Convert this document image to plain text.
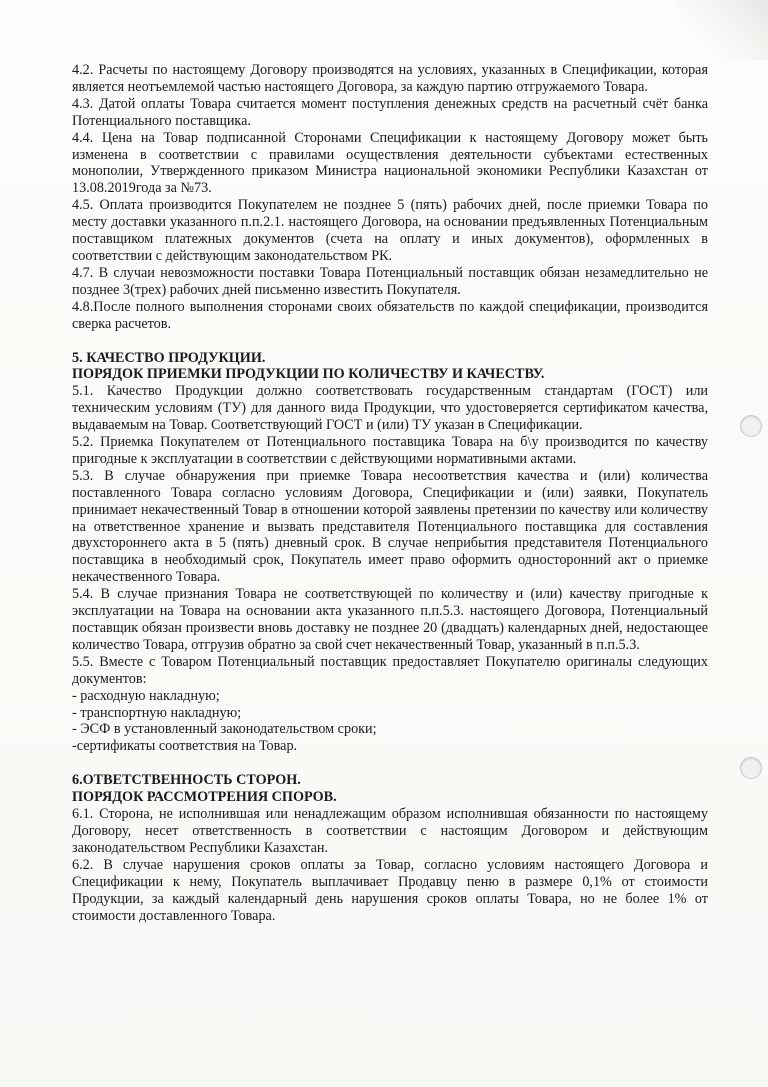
4.2. Расчеты по настоящему Договору производятся на условиях, указанных в Спецификации, которая является неотъемлемой частью настоящего Договора, за каждую партию отгружаемого Товара.

4.3. Датой оплаты Товара считается момент поступления денежных средств на расчетный счёт банка Потенциального поставщика.

4.4. Цена на Товар подписанной Сторонами Спецификации к настоящему Договору может быть изменена в соответствии с правилами осуществления деятельности субъектами естественных монополии, Утвержденного приказом Министра национальной экономики Республики Казахстан от 13.08.2019года за №73.

4.5. Оплата производится Покупателем не позднее 5 (пять) рабочих дней, после приемки Товара по месту доставки указанного п.п.2.1. настоящего Договора, на основании предъявленных Потенциальным поставщиком платежных документов (счета на оплату и иных документов), оформленных в соответствии с действующим законодательством РК.

4.7. В случаи невозможности поставки Товара Потенциальный поставщик обязан незамедлительно не позднее 3(трех) рабочих дней письменно известить Покупателя.

4.8.После полного выполнения сторонами своих обязательств по каждой спецификации, производится сверка расчетов.

5. КАЧЕСТВО ПРОДУКЦИИ.
ПОРЯДОК ПРИЕМКИ ПРОДУКЦИИ ПО КОЛИЧЕСТВУ И КАЧЕСТВУ.

5.1. Качество Продукции должно соответствовать государственным стандартам (ГОСТ) или техническим условиям (ТУ) для данного вида Продукции, что удостоверяется сертификатом качества, выдаваемым на Товар. Соответствующий ГОСТ и (или) ТУ указан в Спецификации.

5.2. Приемка Покупателем от Потенциального поставщика Товара на б\у производится по качеству пригодные к эксплуатации в соответствии с действующими нормативными актами.

5.3. В случае обнаружения при приемке Товара несоответствия качества и (или) количества поставленного Товара согласно условиям Договора, Спецификации и (или) заявки, Покупатель принимает некачественный Товар в отношении которой заявлены претензии по качеству или количеству на ответственное хранение и вызвать представителя Потенциального поставщика для составления двухстороннего акта в 5 (пять) дневный срок. В случае неприбытия представителя Потенциального поставщика в необходимый срок, Покупатель имеет право оформить односторонний акт о приемке некачественного Товара.

5.4. В случае признания Товара не соответствующей по количеству и (или) качеству пригодные к эксплуатации на Товара на основании акта указанного п.п.5.3. настоящего Договора, Потенциальный поставщик обязан произвести вновь доставку не позднее 20 (двадцать) календарных дней, недостающее количество Товара, отгрузив обратно за свой счет некачественный Товар, указанный в п.п.5.3.

5.5. Вместе с Товаром Потенциальный поставщик предоставляет Покупателю оригиналы следующих документов:

- расходную накладную;

- транспортную накладную;

- ЭСФ в установленный законодательством сроки;

-сертификаты соответствия на Товар.

6.ОТВЕТСТВЕННОСТЬ СТОРОН.
ПОРЯДОК РАССМОТРЕНИЯ СПОРОВ.

6.1. Сторона, не исполнившая или ненадлежащим образом исполнившая обязанности по настоящему Договору, несет ответственность в соответствии с настоящим Договором и действующим законодательством Республики Казахстан.

6.2. В случае нарушения сроков оплаты за Товар, согласно условиям настоящего Договора и Спецификации к нему, Покупатель выплачивает Продавцу пеню в размере 0,1% от стоимости Продукции, за каждый календарный день нарушения сроков оплаты Товара, но не более 1% от стоимости доставленного Товара.
